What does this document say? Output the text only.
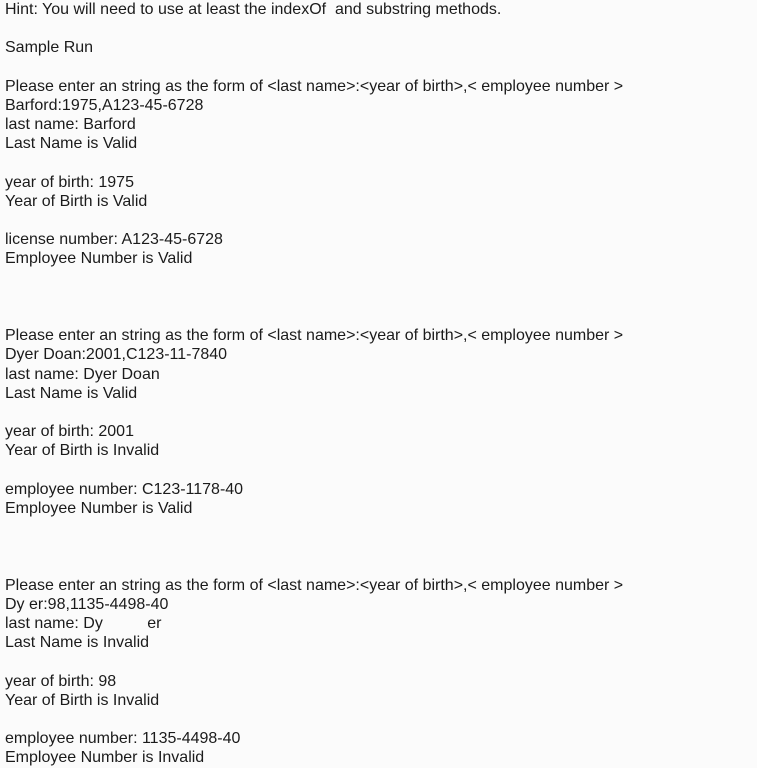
Hint: You will need to use at least the indexOf  and substring methods.
Sample Run
Please enter an string as the form of <last name>:<year of birth>,< employee number >
Barford:1975,A123-45-6728
last name: Barford
Last Name is Valid
year of birth: 1975
Year of Birth is Valid
license number: A123-45-6728
Employee Number is Valid
Please enter an string as the form of <last name>:<year of birth>,< employee number >
Dyer Doan:2001,C123-11-7840
last name: Dyer Doan
Last Name is Valid
year of birth: 2001
Year of Birth is Invalid
employee number: C123-1178-40
Employee Number is Valid
Please enter an string as the form of <last name>:<year of birth>,< employee number >
Dy er:98,1135-4498-40
last name: Dy          er
Last Name is Invalid
year of birth: 98
Year of Birth is Invalid
employee number: 1135-4498-40
Employee Number is Invalid
